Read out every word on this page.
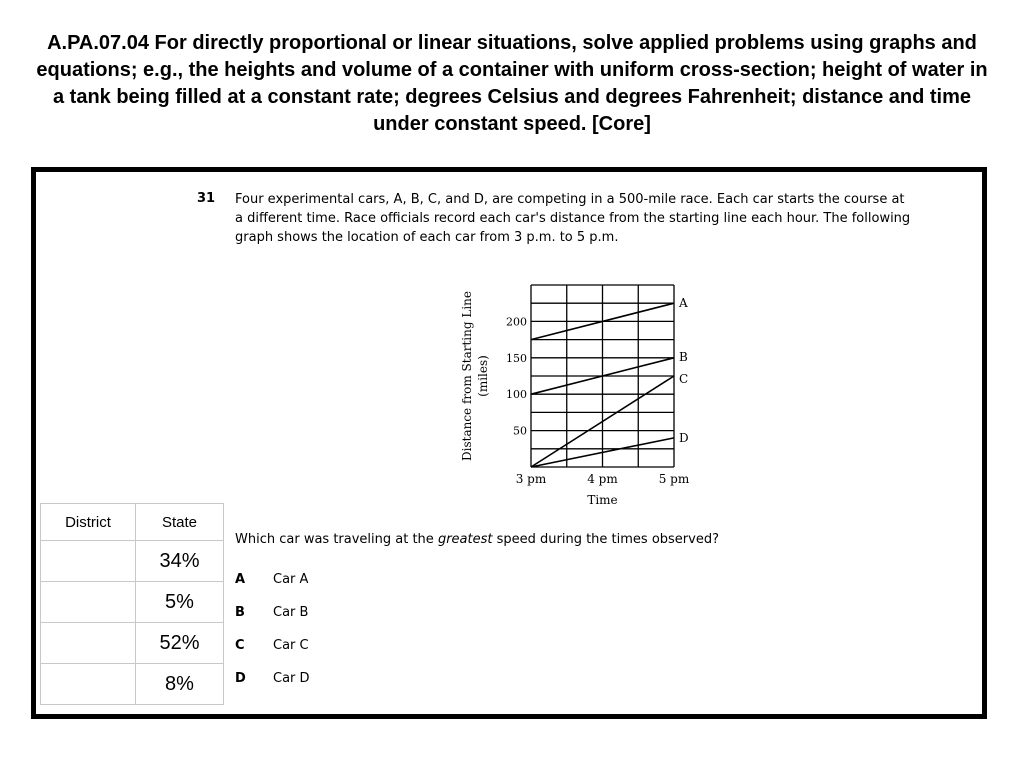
A.PA.07.04 For directly proportional or linear situations, solve applied problems using graphs and equations; e.g., the heights and volume of a container with uniform cross-section; height of water in a tank being filled at a constant rate; degrees Celsius and degrees Fahrenheit; distance and time under constant speed. [Core]
31 Four experimental cars, A, B, C, and D, are competing in a 500-mile race. Each car starts the course at a different time. Race officials record each car's distance from the starting line each hour. The following graph shows the location of each car from 3 p.m. to 5 p.m.
50
100
150
200
3 pm	4 pm	5 pm
Time
Distance from Starting Line (miles)
A
B
C
D
Which car was traveling at the greatest speed during the times observed?
A Car A
B Car B
C Car C
D Car D
District	State
	34%
	5%
	52%
	8%
